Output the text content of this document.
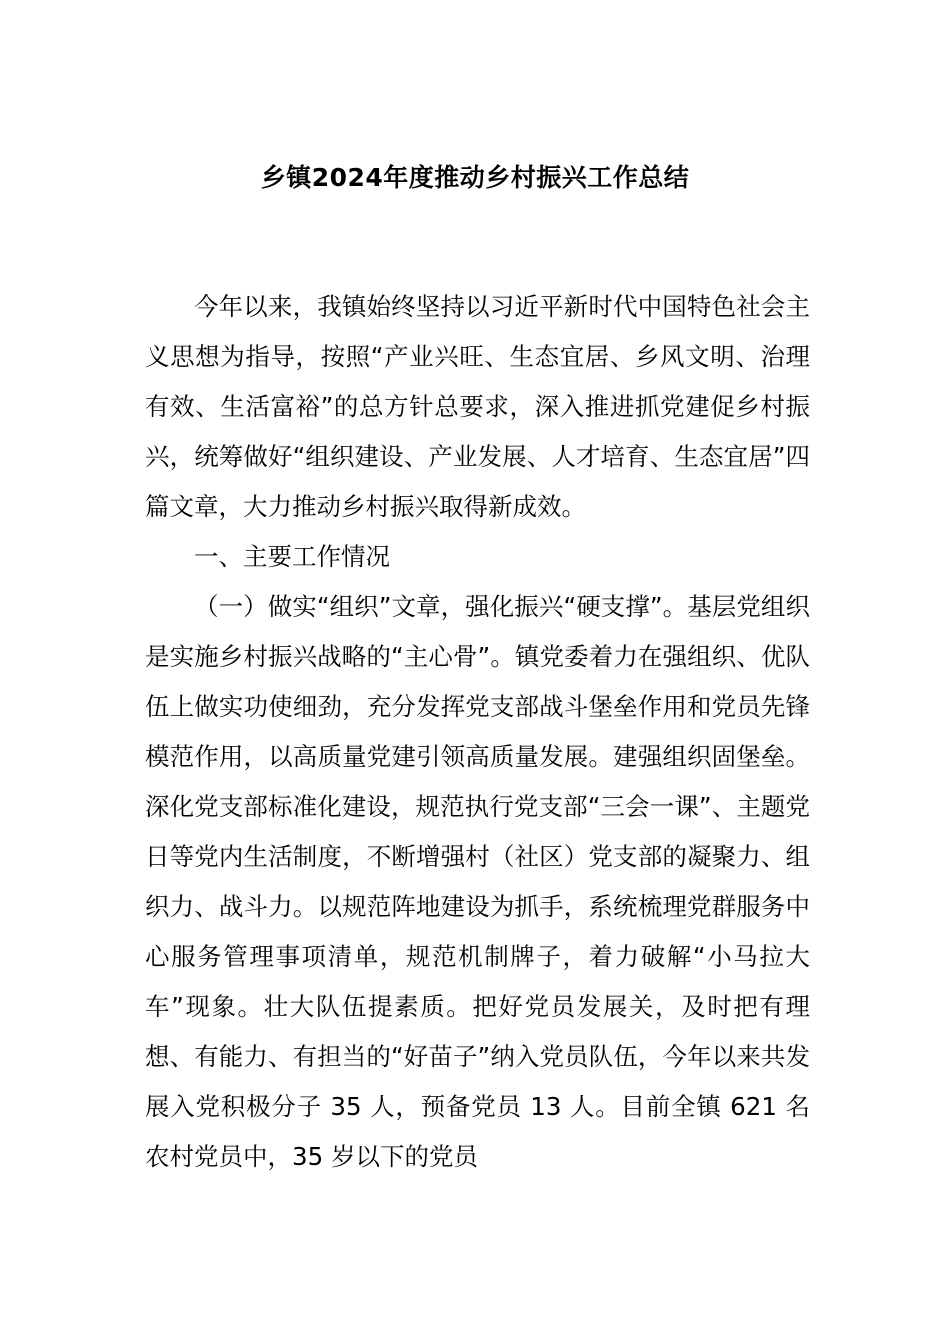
乡镇2024年度推动乡村振兴工作总结

今年以来，我镇始终坚持以习近平新时代中国特色社会主义思想为指导，按照“产业兴旺、生态宜居、乡风文明、治理有效、生活富裕”的总方针总要求，深入推进抓党建促乡村振兴，统筹做好“组织建设、产业发展、人才培育、生态宜居”四篇文章，大力推动乡村振兴取得新成效。

一、主要工作情况

（一）做实“组织”文章，强化振兴“硬支撑”。基层党组织是实施乡村振兴战略的“主心骨”。镇党委着力在强组织、优队伍上做实功使细劲，充分发挥党支部战斗堡垒作用和党员先锋模范作用，以高质量党建引领高质量发展。建强组织固堡垒。深化党支部标准化建设，规范执行党支部“三会一课”、主题党日等党内生活制度，不断增强村（社区）党支部的凝聚力、组织力、战斗力。以规范阵地建设为抓手，系统梳理党群服务中心服务管理事项清单，规范机制牌子，着力破解“小马拉大车”现象。壮大队伍提素质。把好党员发展关，及时把有理想、有能力、有担当的“好苗子”纳入党员队伍，今年以来共发展入党积极分子 35 人，预备党员 13 人。目前全镇 621 名农村党员中，35 岁以下的党员
